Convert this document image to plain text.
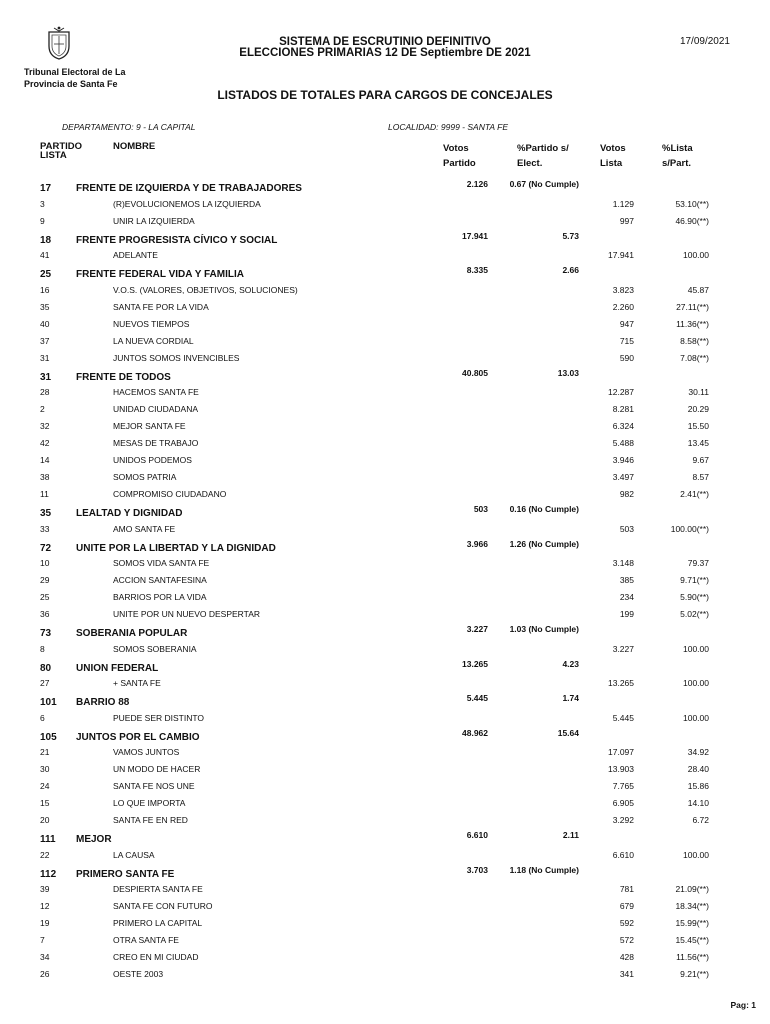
SISTEMA DE ESCRUTINIO DEFINITIVO
ELECCIONES PRIMARIAS 12 DE Septiembre DE 2021
17/09/2021
Tribunal Electoral de La
Provincia de Santa Fe
LISTADOS DE TOTALES PARA CARGOS DE CONCEJALES
DEPARTAMENTO: 9 - LA CAPITAL	LOCALIDAD: 9999 - SANTA FE
PARTIDO
LISTA
NOMBRE	Votos
Partido
%Partido s/
Elect.
Votos
Lista
%Lista
s/Part.
17 FRENTE DE IZQUIERDA Y DE TRABAJADORES	2.126	0.67 (No Cumple)
3	(R)EVOLUCIONEMOS LA IZQUIERDA	1.129	53.10(**)
9	UNIR LA IZQUIERDA	997	46.90(**)
18 FRENTE PROGRESISTA CÍVICO Y SOCIAL	17.941	5.73
41	ADELANTE	17.941	100.00
25 FRENTE FEDERAL VIDA Y FAMILIA	8.335	2.66
16	V.O.S. (VALORES, OBJETIVOS, SOLUCIONES)	3.823	45.87
35	SANTA FE POR LA VIDA	2.260	27.11(**)
40	NUEVOS TIEMPOS	947	11.36(**)
37	LA NUEVA CORDIAL	715	8.58(**)
31	JUNTOS SOMOS INVENCIBLES	590	7.08(**)
31 FRENTE DE TODOS	40.805	13.03
28	HACEMOS SANTA FE	12.287	30.11
2	UNIDAD CIUDADANA	8.281	20.29
32	MEJOR SANTA FE	6.324	15.50
42	MESAS DE TRABAJO	5.488	13.45
14	UNIDOS PODEMOS	3.946	9.67
38	SOMOS PATRIA	3.497	8.57
11	COMPROMISO CIUDADANO	982	2.41(**)
35 LEALTAD Y DIGNIDAD	503	0.16 (No Cumple)
33	AMO SANTA FE	503	100.00(**)
72 UNITE POR LA LIBERTAD Y LA DIGNIDAD	3.966	1.26 (No Cumple)
10	SOMOS VIDA SANTA FE	3.148	79.37
29	ACCION SANTAFESINA	385	9.71(**)
25	BARRIOS POR LA VIDA	234	5.90(**)
36	UNITE POR UN NUEVO DESPERTAR	199	5.02(**)
73 SOBERANIA POPULAR	3.227	1.03 (No Cumple)
8	SOMOS SOBERANIA	3.227	100.00
80 UNION FEDERAL	13.265	4.23
27	+ SANTA FE	13.265	100.00
101 BARRIO 88	5.445	1.74
6	PUEDE SER DISTINTO	5.445	100.00
105 JUNTOS POR EL CAMBIO	48.962	15.64
21	VAMOS JUNTOS	17.097	34.92
30	UN MODO DE HACER	13.903	28.40
24	SANTA FE NOS UNE	7.765	15.86
15	LO QUE IMPORTA	6.905	14.10
20	SANTA FE EN RED	3.292	6.72
111 MEJOR	6.610	2.11
22	LA CAUSA	6.610	100.00
112 PRIMERO SANTA FE	3.703	1.18 (No Cumple)
39	DESPIERTA SANTA FE	781	21.09(**)
12	SANTA FE CON FUTURO	679	18.34(**)
19	PRIMERO LA CAPITAL	592	15.99(**)
7	OTRA SANTA FE	572	15.45(**)
34	CREO EN MI CIUDAD	428	11.56(**)
26	OESTE 2003	341	9.21(**)
Pag: 1
